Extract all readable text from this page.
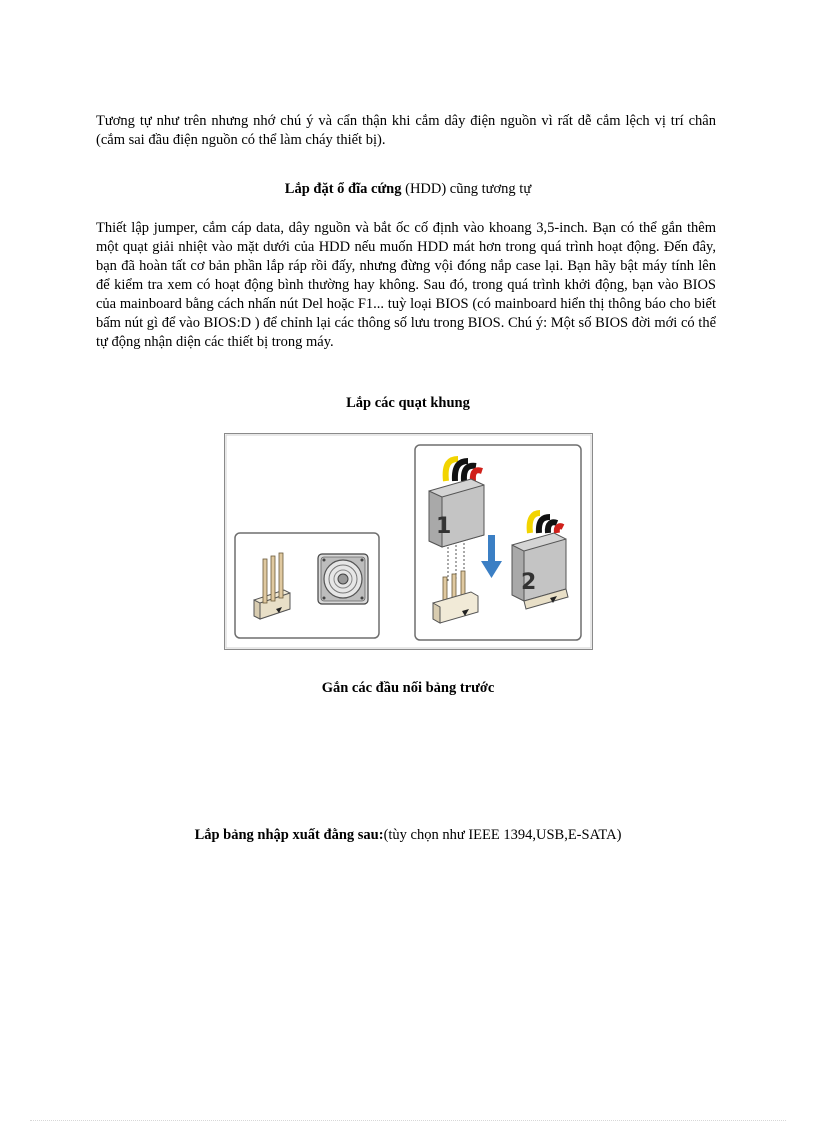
Tương tự như trên nhưng nhớ chú ý và cẩn thận khi cắm dây điện nguồn vì rất dễ cắm lệch vị trí chân (cắm sai đầu điện nguồn có thể làm cháy thiết bị).

Lắp đặt ổ đĩa cứng (HDD) cũng tương tự

Thiết lập jumper, cắm cáp data, dây nguồn và bắt ốc cố định vào khoang 3,5-inch. Bạn có thể gắn thêm một quạt giải nhiệt vào mặt dưới của HDD nếu muốn HDD mát hơn trong quá trình hoạt động. Đến đây, bạn đã hoàn tất cơ bản phần lắp ráp rồi đấy, nhưng đừng vội đóng nắp case lại. Bạn hãy bật máy tính lên để kiểm tra xem có hoạt động bình thường hay không. Sau đó, trong quá trình khởi động, bạn vào BIOS của mainboard bằng cách nhấn nút Del hoặc F1... tuỳ loại BIOS (có mainboard hiển thị thông báo cho biết bấm nút gì để vào BIOS:D ) để chỉnh lại các thông số lưu trong BIOS. Chú ý: Một số BIOS đời mới có thể tự động nhận diện các thiết bị trong máy.

Lắp các quạt khung
1
2
Gắn các đầu nối bảng trước
Lắp bảng nhập xuất đằng sau:(tùy chọn như IEEE 1394,USB,E-SATA)
